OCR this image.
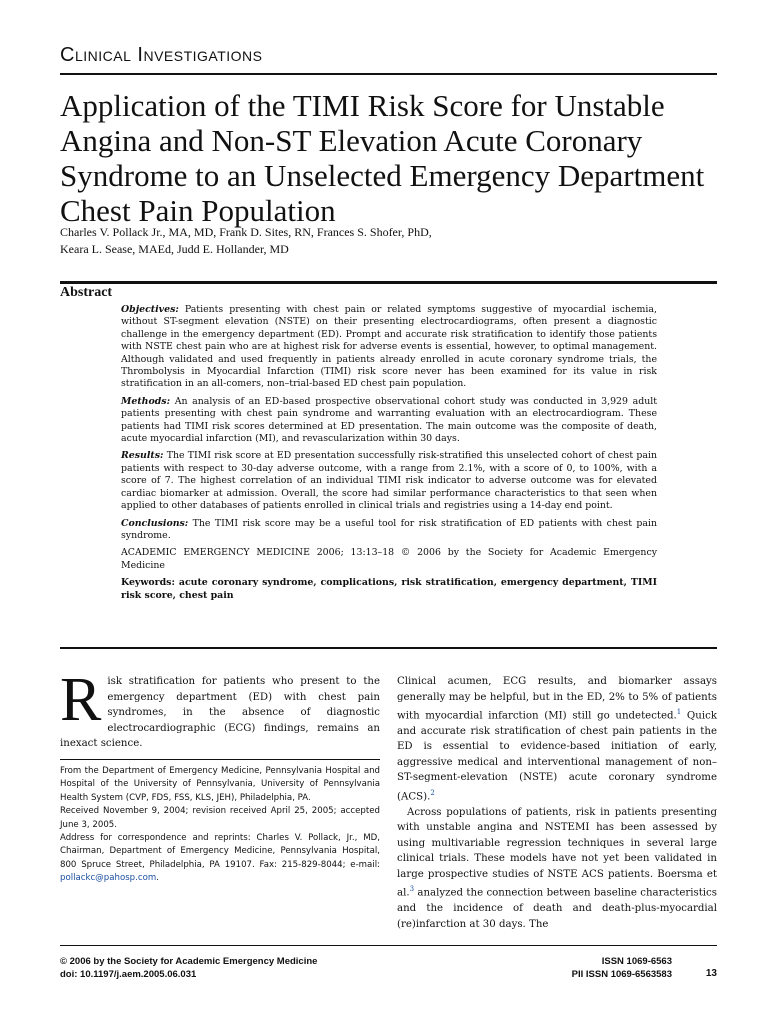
Clinical Investigations
Application of the TIMI Risk Score for Unstable Angina and Non-ST Elevation Acute Coronary Syndrome to an Unselected Emergency Department Chest Pain Population
Charles V. Pollack Jr., MA, MD, Frank D. Sites, RN, Frances S. Shofer, PhD,
Keara L. Sease, MAEd, Judd E. Hollander, MD
Abstract

Objectives: Patients presenting with chest pain or related symptoms suggestive of myocardial ischemia, without ST-segment elevation (NSTE) on their presenting electrocardiograms, often present a diagnostic challenge in the emergency department (ED). Prompt and accurate risk stratification to identify those patients with NSTE chest pain who are at highest risk for adverse events is essential, however, to optimal management. Although validated and used frequently in patients already enrolled in acute coronary syndrome trials, the Thrombolysis in Myocardial Infarction (TIMI) risk score never has been examined for its value in risk stratification in an all-comers, non–trial-based ED chest pain population.

Methods: An analysis of an ED-based prospective observational cohort study was conducted in 3,929 adult patients presenting with chest pain syndrome and warranting evaluation with an electrocardiogram. These patients had TIMI risk scores determined at ED presentation. The main outcome was the composite of death, acute myocardial infarction (MI), and revascularization within 30 days.

Results: The TIMI risk score at ED presentation successfully risk-stratified this unselected cohort of chest pain patients with respect to 30-day adverse outcome, with a range from 2.1%, with a score of 0, to 100%, with a score of 7. The highest correlation of an individual TIMI risk indicator to adverse outcome was for elevated cardiac biomarker at admission. Overall, the score had similar performance characteristics to that seen when applied to other databases of patients enrolled in clinical trials and registries using a 14-day end point.

Conclusions: The TIMI risk score may be a useful tool for risk stratification of ED patients with chest pain syndrome.

ACADEMIC EMERGENCY MEDICINE 2006; 13:13–18 © 2006 by the Society for Academic Emergency Medicine

Keywords: acute coronary syndrome, complications, risk stratification, emergency department, TIMI risk score, chest pain

Risk stratification for patients who present to the emergency department (ED) with chest pain syndromes, in the absence of diagnostic electrocardiographic (ECG) findings, remains an inexact science.

From the Department of Emergency Medicine, Pennsylvania Hospital and Hospital of the University of Pennsylvania, University of Pennsylvania Health System (CVP, FDS, FSS, KLS, JEH), Philadelphia, PA.

Received November 9, 2004; revision received April 25, 2005; accepted June 3, 2005.

Address for correspondence and reprints: Charles V. Pollack, Jr., MD, Chairman, Department of Emergency Medicine, Pennsylvania Hospital, 800 Spruce Street, Philadelphia, PA 19107. Fax: 215-829-8044; e-mail: pollackc@pahosp.com.

Clinical acumen, ECG results, and biomarker assays generally may be helpful, but in the ED, 2% to 5% of patients with myocardial infarction (MI) still go undetected.$^1$ Quick and accurate risk stratification of chest pain patients in the ED is essential to evidence-based initiation of early, aggressive medical and interventional management of non–ST-segment-elevation (NSTE) acute coronary syndrome (ACS).$^2$

Across populations of patients, risk in patients presenting with unstable angina and NSTEMI has been assessed by using multivariable regression techniques in several large clinical trials. These models have not yet been validated in large prospective studies of NSTE ACS patients. Boersma et al.$^3$ analyzed the connection between baseline characteristics and the incidence of death and death-plus-myocardial (re)infarction at 30 days. The

© 2006 by the Society for Academic Emergency Medicine
doi: 10.1197/j.aem.2005.06.031
ISSN 1069-6563
PII ISSN 1069-6563583	13
